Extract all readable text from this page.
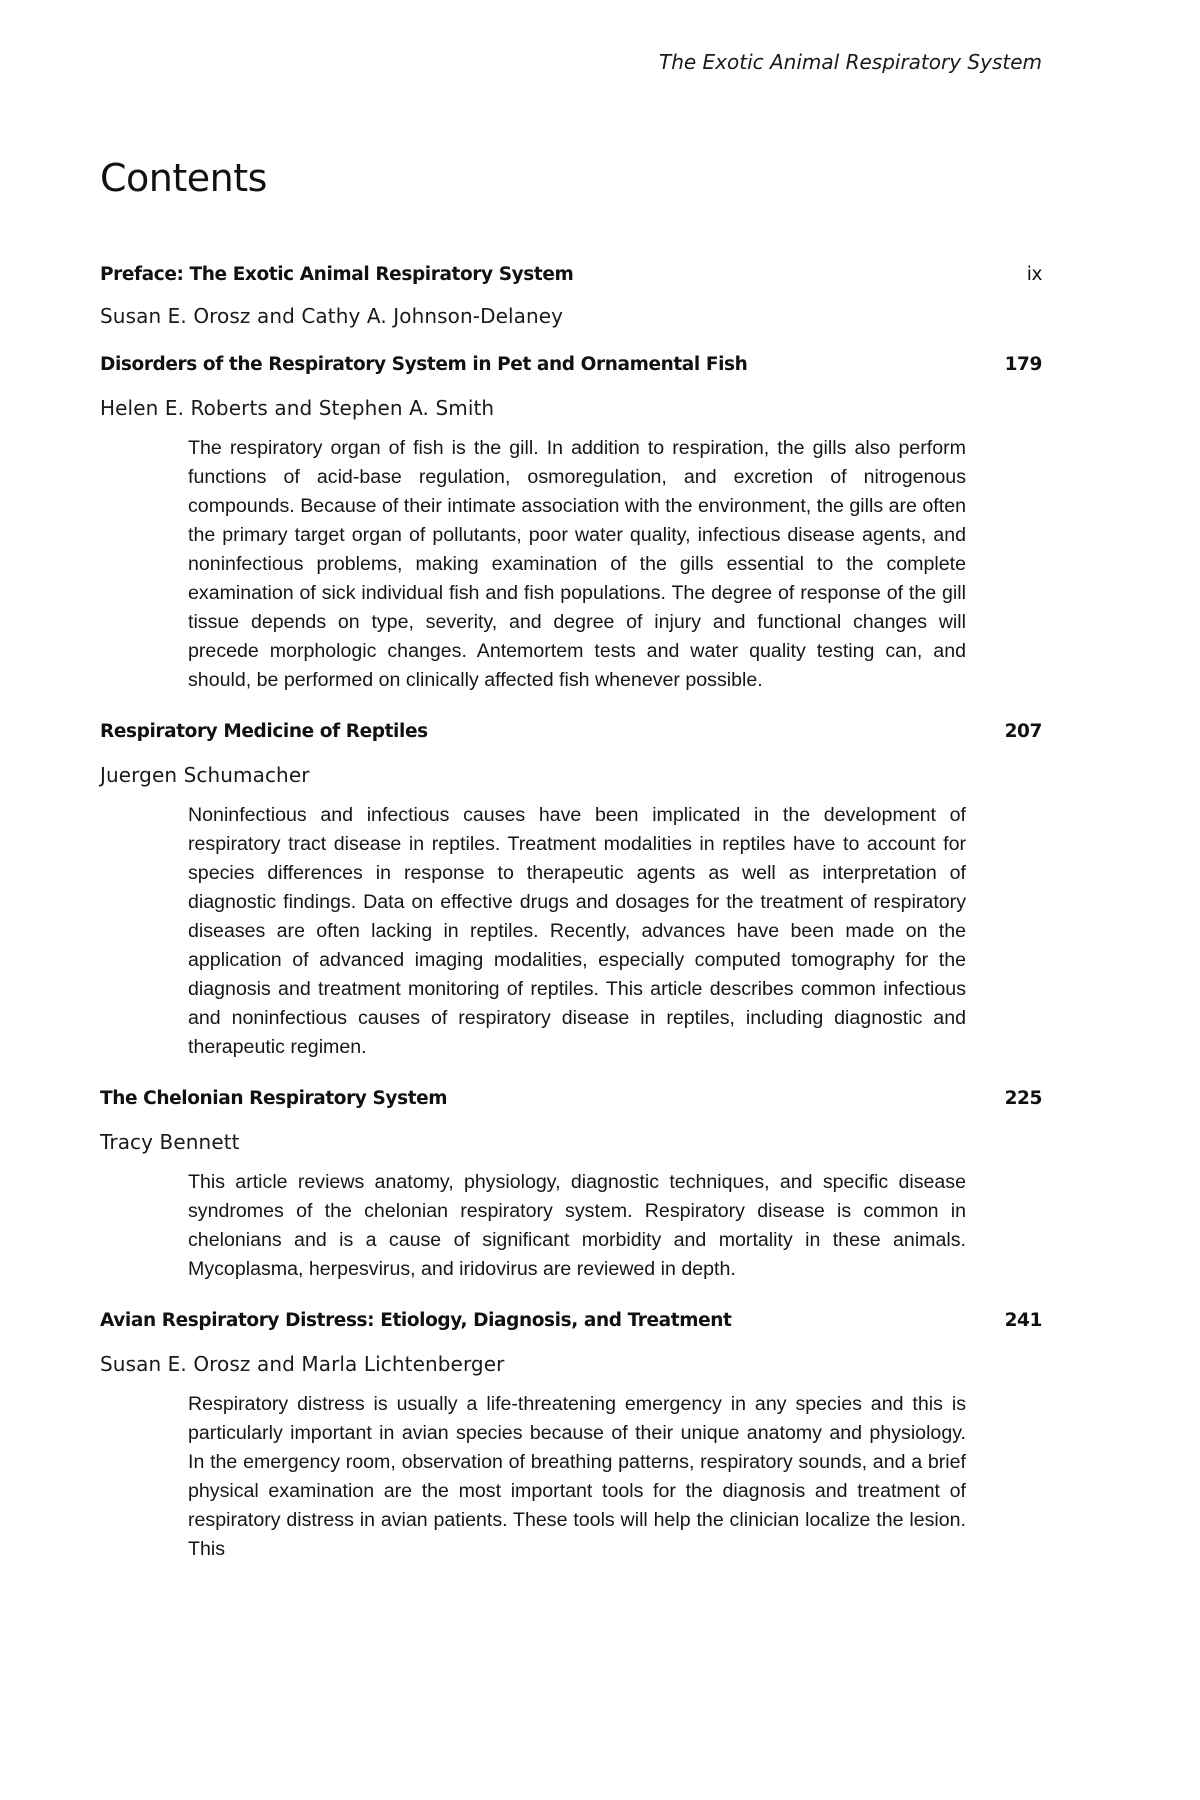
The Exotic Animal Respiratory System
Contents
Preface: The Exotic Animal Respiratory System	ix
Susan E. Orosz and Cathy A. Johnson-Delaney
Disorders of the Respiratory System in Pet and Ornamental Fish	179
Helen E. Roberts and Stephen A. Smith
The respiratory organ of fish is the gill. In addition to respiration, the gills also perform functions of acid-base regulation, osmoregulation, and excretion of nitrogenous compounds. Because of their intimate association with the environment, the gills are often the primary target organ of pollutants, poor water quality, infectious disease agents, and noninfectious problems, making examination of the gills essential to the complete examination of sick individual fish and fish populations. The degree of response of the gill tissue depends on type, severity, and degree of injury and functional changes will precede morphologic changes. Antemortem tests and water quality testing can, and should, be performed on clinically affected fish whenever possible.
Respiratory Medicine of Reptiles	207
Juergen Schumacher
Noninfectious and infectious causes have been implicated in the development of respiratory tract disease in reptiles. Treatment modalities in reptiles have to account for species differences in response to therapeutic agents as well as interpretation of diagnostic findings. Data on effective drugs and dosages for the treatment of respiratory diseases are often lacking in reptiles. Recently, advances have been made on the application of advanced imaging modalities, especially computed tomography for the diagnosis and treatment monitoring of reptiles. This article describes common infectious and noninfectious causes of respiratory disease in reptiles, including diagnostic and therapeutic regimen.
The Chelonian Respiratory System	225
Tracy Bennett
This article reviews anatomy, physiology, diagnostic techniques, and specific disease syndromes of the chelonian respiratory system. Respiratory disease is common in chelonians and is a cause of significant morbidity and mortality in these animals. Mycoplasma, herpesvirus, and iridovirus are reviewed in depth.
Avian Respiratory Distress: Etiology, Diagnosis, and Treatment	241
Susan E. Orosz and Marla Lichtenberger
Respiratory distress is usually a life-threatening emergency in any species and this is particularly important in avian species because of their unique anatomy and physiology. In the emergency room, observation of breathing patterns, respiratory sounds, and a brief physical examination are the most important tools for the diagnosis and treatment of respiratory distress in avian patients. These tools will help the clinician localize the lesion. This
